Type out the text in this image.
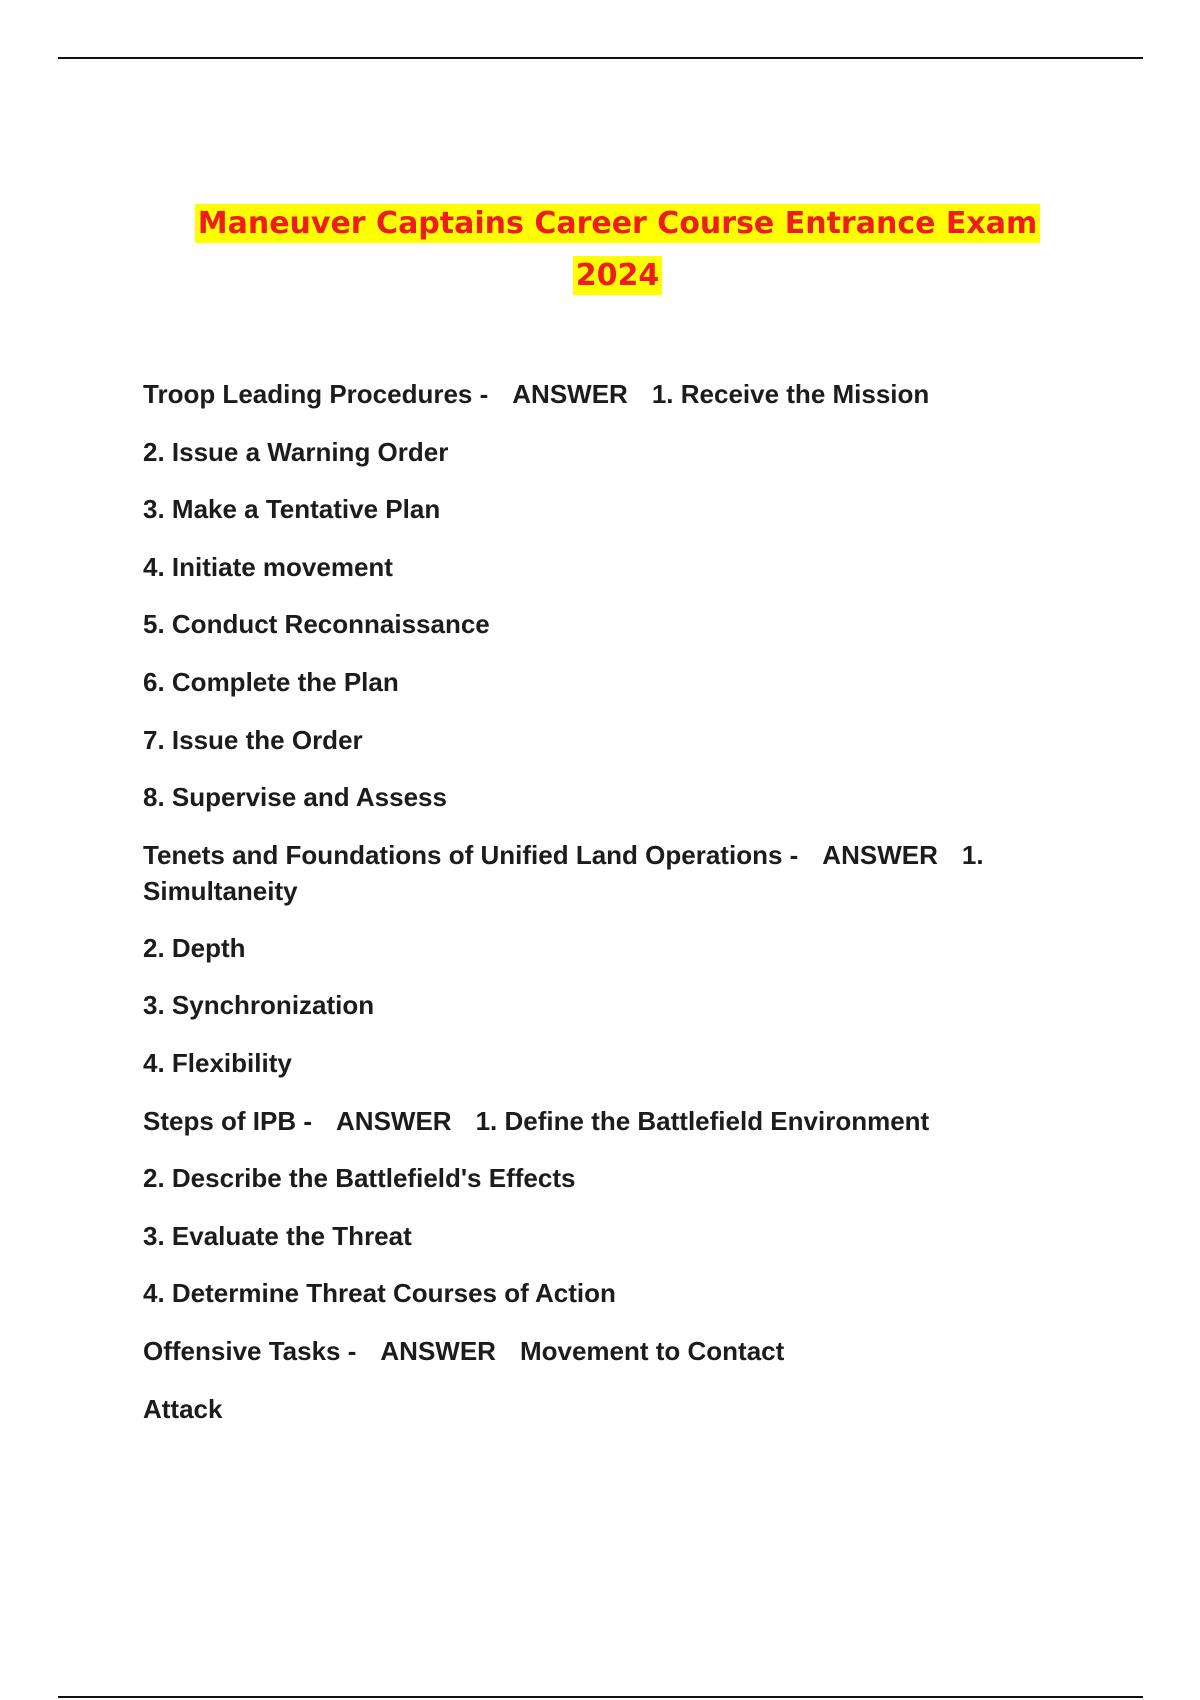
Maneuver Captains Career Course Entrance Exam
2024
Troop Leading Procedures - ANSWER 1. Receive the Mission
2. Issue a Warning Order
3. Make a Tentative Plan
4. Initiate movement
5. Conduct Reconnaissance
6. Complete the Plan
7. Issue the Order
8. Supervise and Assess
Tenets and Foundations of Unified Land Operations - ANSWER 1. Simultaneity
2. Depth
3. Synchronization
4. Flexibility
Steps of IPB - ANSWER 1. Define the Battlefield Environment
2. Describe the Battlefield's Effects
3. Evaluate the Threat
4. Determine Threat Courses of Action
Offensive Tasks - ANSWER Movement to Contact
Attack
